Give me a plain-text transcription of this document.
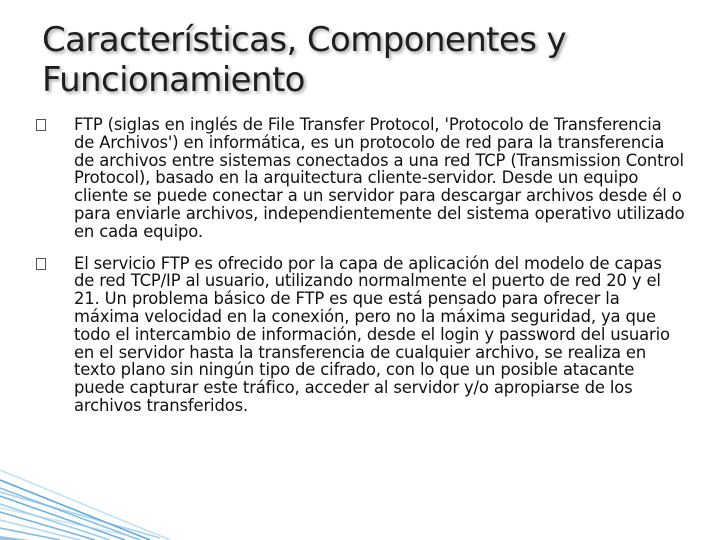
Características, Componentes y Funcionamiento
FTP (siglas en inglés de File Transfer Protocol, 'Protocolo de Transferencia de Archivos') en informática, es un protocolo de red para la transferencia de archivos entre sistemas conectados a una red TCP (Transmission Control Protocol), basado en la arquitectura cliente-servidor. Desde un equipo cliente se puede conectar a un servidor para descargar archivos desde él o para enviarle archivos, independientemente del sistema operativo utilizado en cada equipo.
El servicio FTP es ofrecido por la capa de aplicación del modelo de capas de red TCP/IP al usuario, utilizando normalmente el puerto de red 20 y el 21. Un problema básico de FTP es que está pensado para ofrecer la máxima velocidad en la conexión, pero no la máxima seguridad, ya que todo el intercambio de información, desde el login y password del usuario en el servidor hasta la transferencia de cualquier archivo, se realiza en texto plano sin ningún tipo de cifrado, con lo que un posible atacante puede capturar este tráfico, acceder al servidor y/o apropiarse de los archivos transferidos.
